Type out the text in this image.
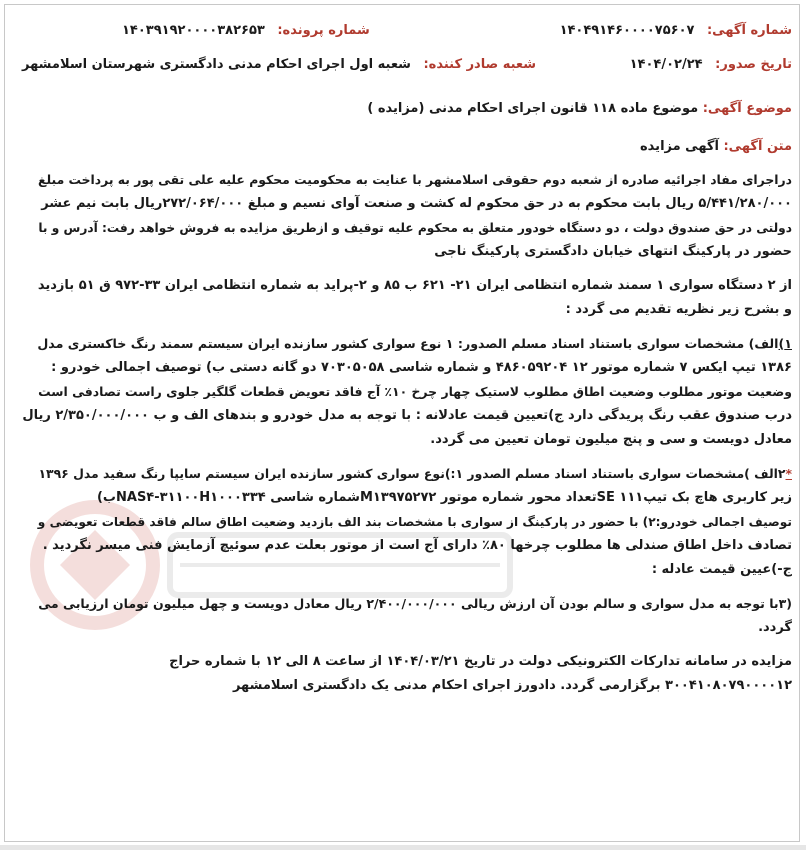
شماره آگهی: ۱۴۰۴۹۱۴۶۰۰۰۰۷۵۶۰۷
شماره پرونده: ۱۴۰۳۹۱۹۲۰۰۰۰۳۸۲۶۵۳
تاریخ صدور: ۱۴۰۴/۰۲/۲۴
شعبه صادر کننده: شعبه اول اجرای احکام مدنی دادگستری شهرستان اسلامشهر
موضوع آگهی: موضوع ماده ۱۱۸ قانون اجرای احکام مدنی (مزایده )
متن آگهی: آگهی مزایده
دراجرای مفاد اجرائیه صادره از شعبه دوم حقوقی اسلامشهر با عنایت به محکومیت محکوم علیه علی تقی پور به پرداخت مبلغ
۵/۴۴۱/۲۸۰/۰۰۰ ریال بابت محکوم به در حق محکوم له کشت و صنعت آوای نسیم و مبلغ ۲۷۲/۰۶۴/۰۰۰ریال بابت نیم عشر
دولتی در حق صندوق دولت ، دو دستگاه خودور متعلق به محکوم علیه توقیف و ازطریق مزایده به فروش خواهد رفت: آدرس و با
حضور در پارکینگ انتهای خیابان دادگستری پارکینگ ناجی
از ۲ دستگاه سواری ۱ سمند شماره انتظامی ایران ۲۱- ۶۲۱ ب ۸۵ و ۲-پراید به شماره انتظامی ایران ۳۳-۹۷۲ ق ۵۱ بازدید
و بشرح زیر نظریه تقدیم می گردد :
۱)الف) مشخصات سواری باستناد اسناد مسلم الصدور: ۱ نوع سواری کشور سازنده ایران سیستم سمند رنگ خاکستری مدل
۱۳۸۶ تیپ ایکس ۷ شماره موتور ۱۲ ۴۸۶۰۵۹۲۰۴ و شماره شاسی ۷۰۳۰۵۰۵۸ دو گانه دستی ب) توصیف اجمالی خودرو :
وضعیت موتور مطلوب وضعیت اطاق مطلوب لاستیک چهار چرخ ۱۰٪ آج فاقد تعویض قطعات گلگیر جلوی راست تصادفی است
درب صندوق عقب رنگ پریدگی دارد ج)تعیین قیمت عادلانه : با توجه به مدل خودرو و بندهای الف و ب ۲/۳۵۰/۰۰۰/۰۰۰ ریال
معادل دویست و سی و پنج میلیون تومان تعیین می گردد.
*۲الف )مشخصات سواری باستناد اسناد مسلم الصدور ۱:)نوع سواری کشور سازنده ایران سیستم سایپا رنگ سفید مدل ۱۳۹۶
زیر کاربری هاچ بک تیپ۱۱۱ SEتعداد محور شماره موتور M۱۳۹۷۵۲۷۲شماره شاسی NAS۴-۳۱۱۰۰H۱۰۰۰۳۳۴ب)
توصیف اجمالی خودرو:۲) با حضور در پارکینگ از سواری با مشخصات بند الف بازدید وضعیت اطاق سالم فاقد قطعات تعویضی و
تصادف داخل اطاق صندلی ها مطلوب چرخها ۸۰٪ دارای آج است از موتور بعلت عدم سوئیچ آزمایش فنی میسر نگردید .
ج-)عیین قیمت عادله :
(۳با توجه به مدل سواری و سالم بودن آن ارزش ریالی ۲/۴۰۰/۰۰۰/۰۰۰ ریال معادل دویست و چهل میلیون تومان ارزیابی می
گردد.
مزایده در سامانه تدارکات الکترونیکی دولت در تاریخ ۱۴۰۴/۰۳/۲۱ از ساعت ۸ الی ۱۲ با شماره حراج
۳۰۰۴۱۰۸۰۷۹۰۰۰۰۱۲ برگزارمی گردد. دادورز اجرای احکام مدنی یک دادگستری اسلامشهر
